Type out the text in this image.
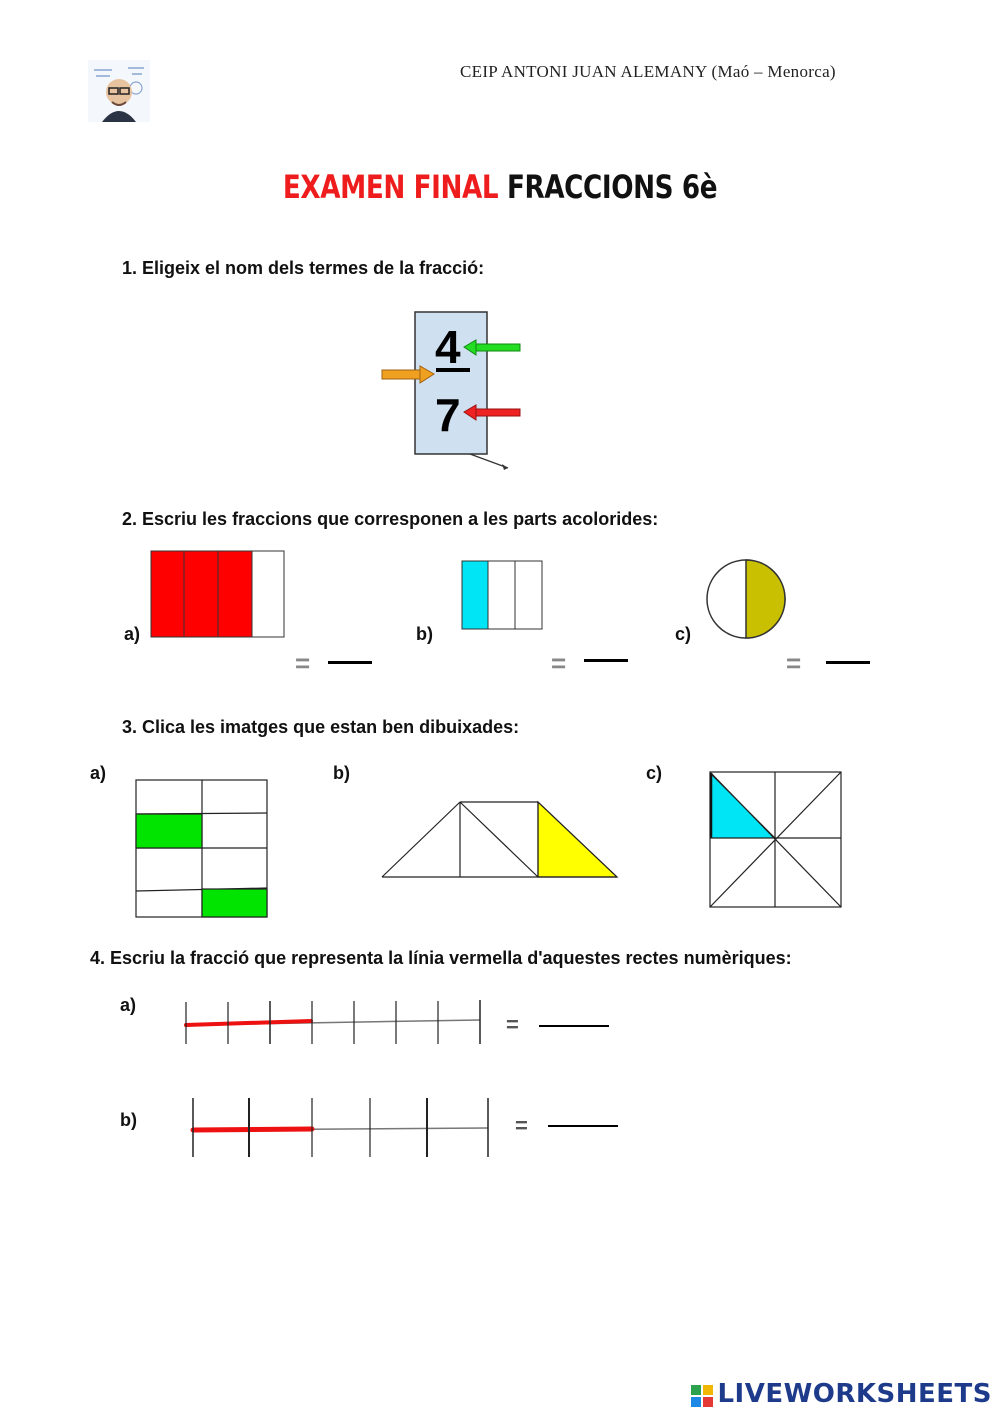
CEIP ANTONI JUAN ALEMANY (Maó – Menorca)
EXAMEN FINAL FRACCIONS 6è
1. Eligeix el nom dels termes de la fracció:
4
7
2. Escriu les fraccions que corresponen a les parts acolorides:
a)
=
b)
=
c)
=
3. Clica les imatges que estan ben dibuixades:
a)	b)	c)
4. Escriu la fracció que representa la línia vermella d'aquestes rectes numèriques:
a)
=
b)	=
LIVEWORKSHEETS
